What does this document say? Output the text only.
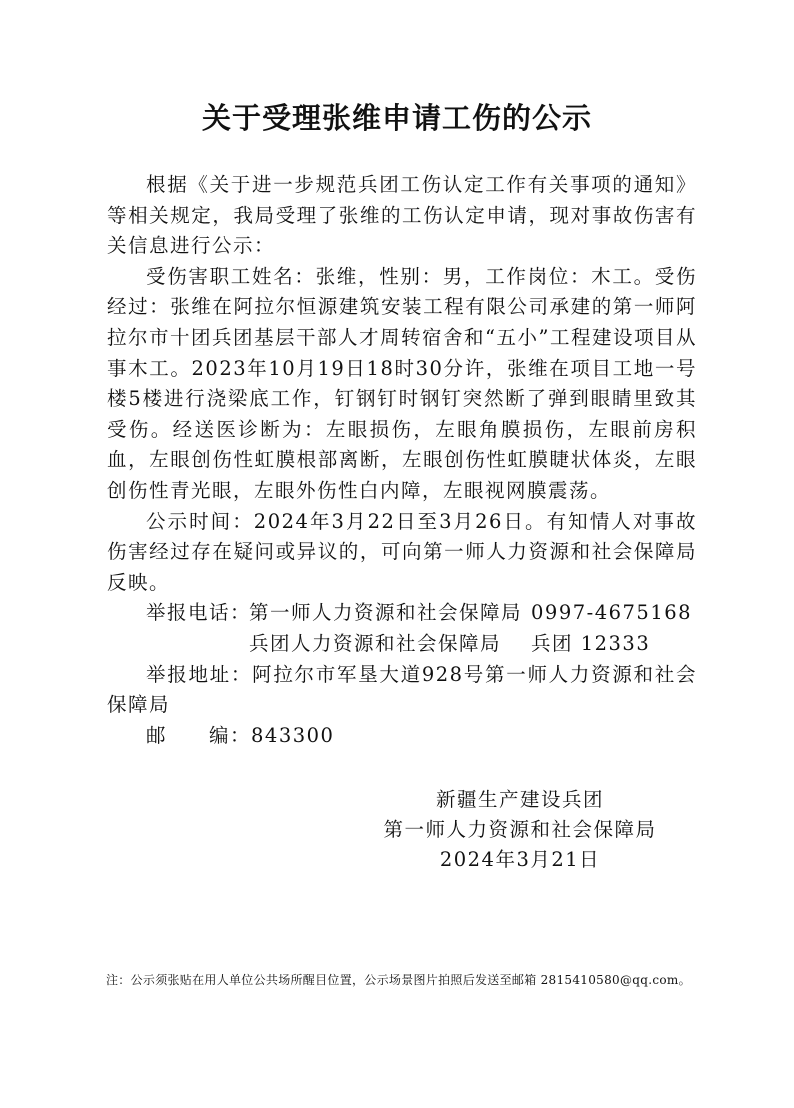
关于受理张维申请工伤的公示

根据《关于进一步规范兵团工伤认定工作有关事项的通知》等相关规定，我局受理了张维的工伤认定申请，现对事故伤害有关信息进行公示：

受伤害职工姓名：张维，性别：男，工作岗位：木工。受伤经过：张维在阿拉尔恒源建筑安装工程有限公司承建的第一师阿拉尔市十团兵团基层干部人才周转宿舍和“五小”工程建设项目从事木工。2023年10月19日18时30分许，张维在项目工地一号楼5楼进行浇梁底工作，钉钢钉时钢钉突然断了弹到眼睛里致其受伤。经送医诊断为：左眼损伤，左眼角膜损伤，左眼前房积血，左眼创伤性虹膜根部离断，左眼创伤性虹膜睫状体炎，左眼创伤性青光眼，左眼外伤性白内障，左眼视网膜震荡。

公示时间：2024年3月22日至3月26日。有知情人对事故伤害经过存在疑问或异议的，可向第一师人力资源和社会保障局反映。

举报电话：
第一师人力资源和社会保障局 0997-4675168
兵团人力资源和社会保障局	兵团 12333

举报地址：阿拉尔市军垦大道928号第一师人力资源和社会保障局

邮　　编：843300

新疆生产建设兵团
第一师人力资源和社会保障局
2024年3月21日
注：公示须张贴在用人单位公共场所醒目位置，公示场景图片拍照后发送至邮箱 2815410580@qq.com。
